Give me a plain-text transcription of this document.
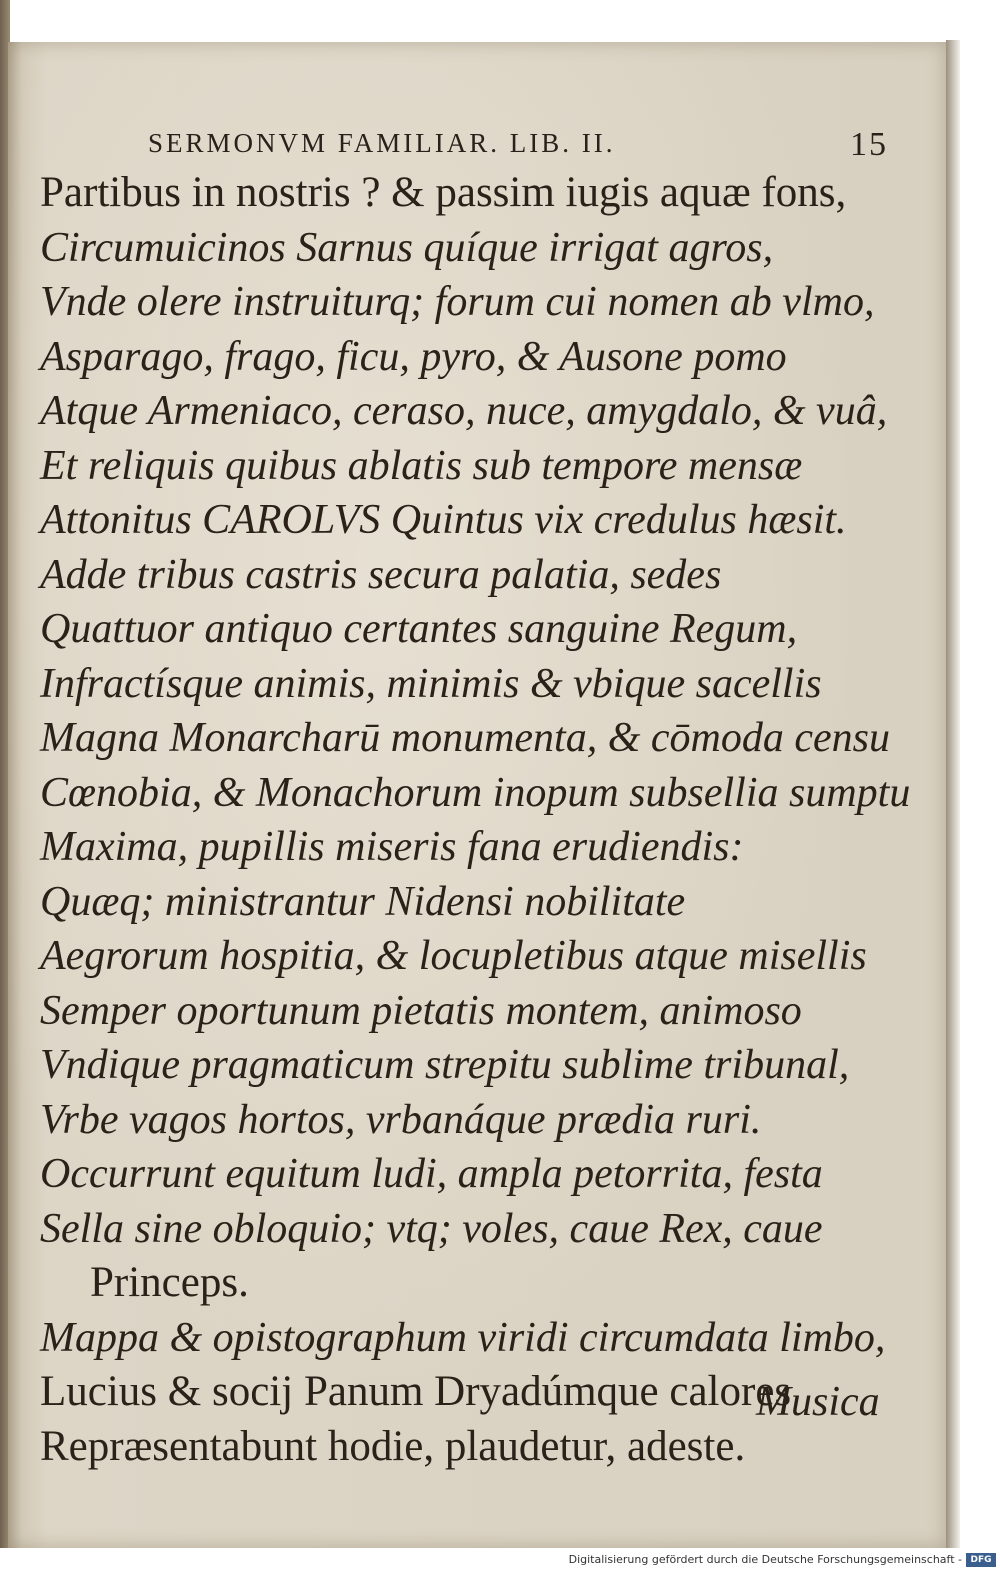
SERMONVM FAMILIAR. LIB. II.	15
Partibus in nostris ? & passim iugis aquæ fons,
Circumuicinos Sarnus quíque irrigat agros,
Vnde olere instruiturq; forum cui nomen ab vlmo,
Asparago, frago, ficu, pyro, & Ausone pomo
Atque Armeniaco, ceraso, nuce, amygdalo, & vuâ,
Et reliquis quibus ablatis sub tempore mensæ
Attonitus CAROLVS Quintus vix credulus hæsit.
Adde tribus castris secura palatia, sedes
Quattuor antiquo certantes sanguine Regum,
Infractísque animis, minimis & vbique sacellis
Magna Monarcharū monumenta, & cōmoda censu
Cœnobia, & Monachorum inopum subsellia sumptu
Maxima, pupillis miseris fana erudiendis:
Quæq; ministrantur Nidensi nobilitate
Aegrorum hospitia, & locupletibus atque misellis
Semper oportunum pietatis montem, animoso
Vndique pragmaticum strepitu sublime tribunal,
Vrbe vagos hortos, vrbanáque prædia ruri.
Occurrunt equitum ludi, ampla petorrita, festa
Sella sine obloquio; vtq; voles, caue Rex, caue
Princeps.
Mappa & opistographum viridi circumdata limbo,
Lucius & socij Panum Dryadúmque calores
Repræsentabunt hodie, plaudetur, adeste.
Musica
Digitalisierung gefördert durch die Deutsche Forschungsgemeinschaft - DFG
